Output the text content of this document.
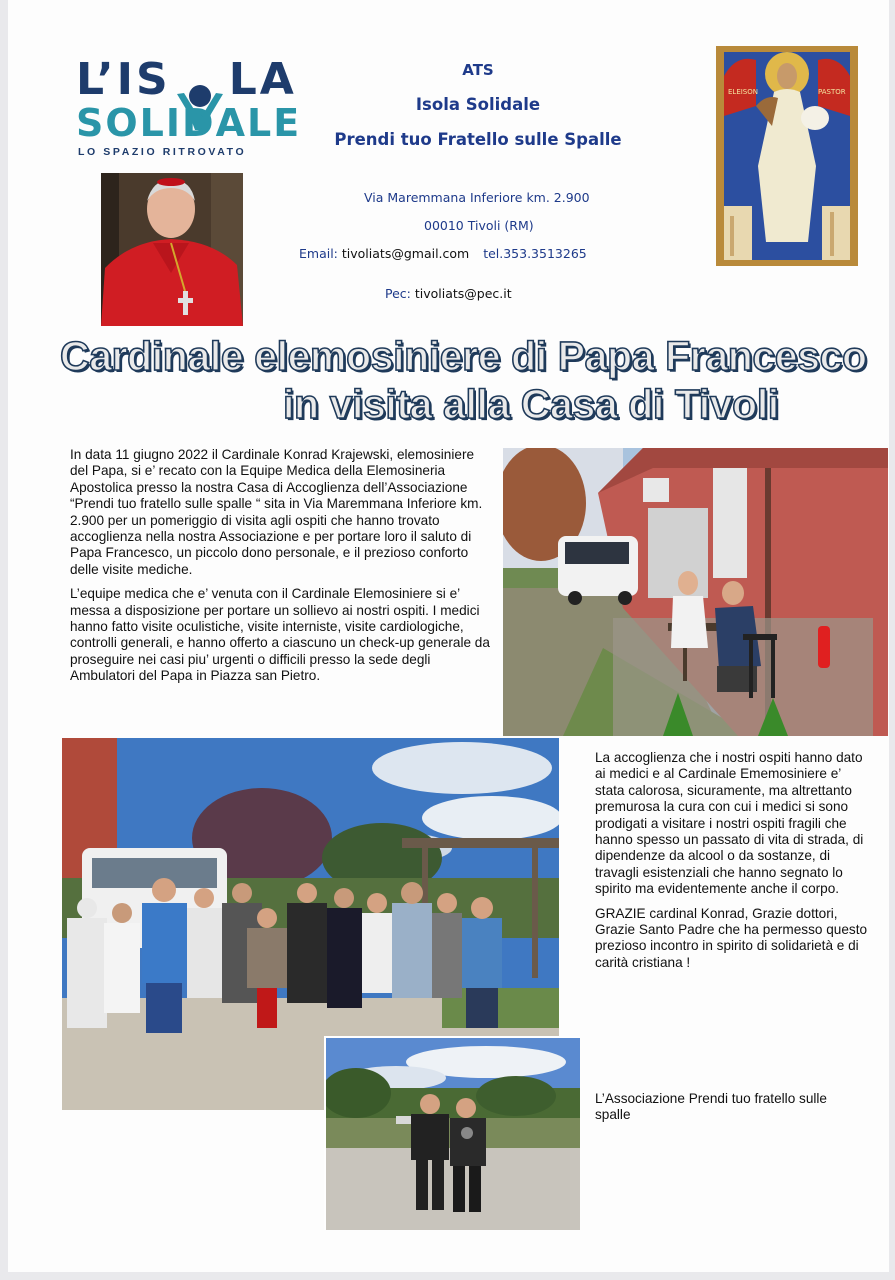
L’IS LA
SOLIDALE
LO SPAZIO RITROVATO
ELEISON	PASTOR
ATS
Isola Solidale
Prendi tuo Fratello sulle Spalle
Via Maremmana Inferiore km. 2.900
00010 Tivoli (RM)
Email: tivoliats@gmail.com tel.353.3513265
Pec: tivoliats@pec.it
Cardinale elemosiniere di Papa Francesco
in visita alla Casa di Tivoli

In data 11 giugno 2022 il Cardinale Konrad Krajewski, elemosiniere del Papa, si e’ recato con la Equipe Medica della Elemosineria Apostolica presso la nostra Casa di Accoglienza dell’Associazione “Prendi tuo fratello sulle spalle “ sita in Via Maremmana Inferiore km. 2.900 per un pomeriggio di visita agli ospiti che hanno trovato accoglienza nella nostra Associazione e per portare loro il saluto di Papa Francesco, un piccolo dono personale, e il prezioso conforto delle visite mediche.

L’equipe medica che e’ venuta con il Cardinale Elemosiniere si e’ messa a disposizione per portare un sollievo ai nostri ospiti. I medici hanno fatto visite oculistiche, visite interniste, visite cardiologiche, controlli generali, e hanno offerto a ciascuno un check-up generale da proseguire nei casi piu’ urgenti o difficili presso la sede degli Ambulatori del Papa in Piazza san Pietro.

La accoglienza che i nostri ospiti hanno dato ai medici e al Cardinale Ememosiniere e’ stata calorosa, sicuramente, ma altrettanto premurosa la cura con cui i medici si sono prodigati a visitare i nostri ospiti fragili che hanno spesso un passato di vita di strada, di dipendenze da alcool o da sostanze, di travagli esistenziali che hanno segnato lo spirito ma evidentemente anche il corpo.

GRAZIE cardinal Konrad, Grazie dottori, Grazie Santo Padre che ha permesso questo prezioso incontro in spirito di solidarietà e di carità cristiana !

L’Associazione Prendi tuo fratello sulle spalle
